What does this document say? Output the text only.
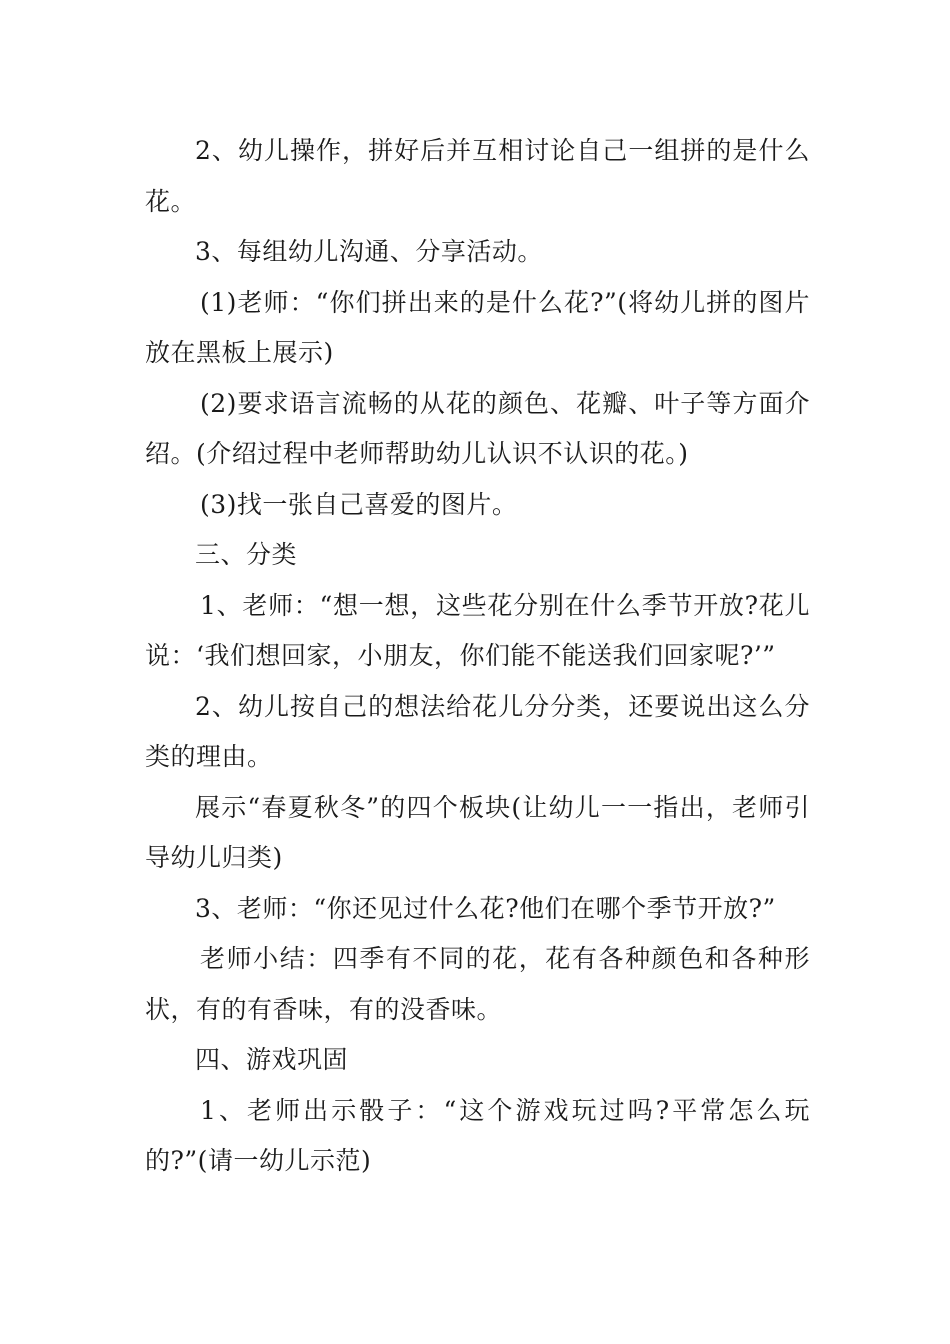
2、幼儿操作，拼好后并互相讨论自己一组拼的是什么花。

3、每组幼儿沟通、分享活动。

(1)老师：“你们拼出来的是什么花?”(将幼儿拼的图片放在黑板上展示)

(2)要求语言流畅的从花的颜色、花瓣、叶子等方面介绍。(介绍过程中老师帮助幼儿认识不认识的花。)

(3)找一张自己喜爱的图片。

三、分类

1、老师：“想一想，这些花分别在什么季节开放?花儿说：‘我们想回家，小朋友，你们能不能送我们回家呢?’”

2、幼儿按自己的想法给花儿分分类，还要说出这么分类的理由。

展示“春夏秋冬”的四个板块(让幼儿一一指出，老师引导幼儿归类)

3、老师：“你还见过什么花?他们在哪个季节开放?”

老师小结：四季有不同的花，花有各种颜色和各种形状，有的有香味，有的没香味。

四、游戏巩固

1、老师出示骰子：“这个游戏玩过吗?平常怎么玩的?”(请一幼儿示范)
